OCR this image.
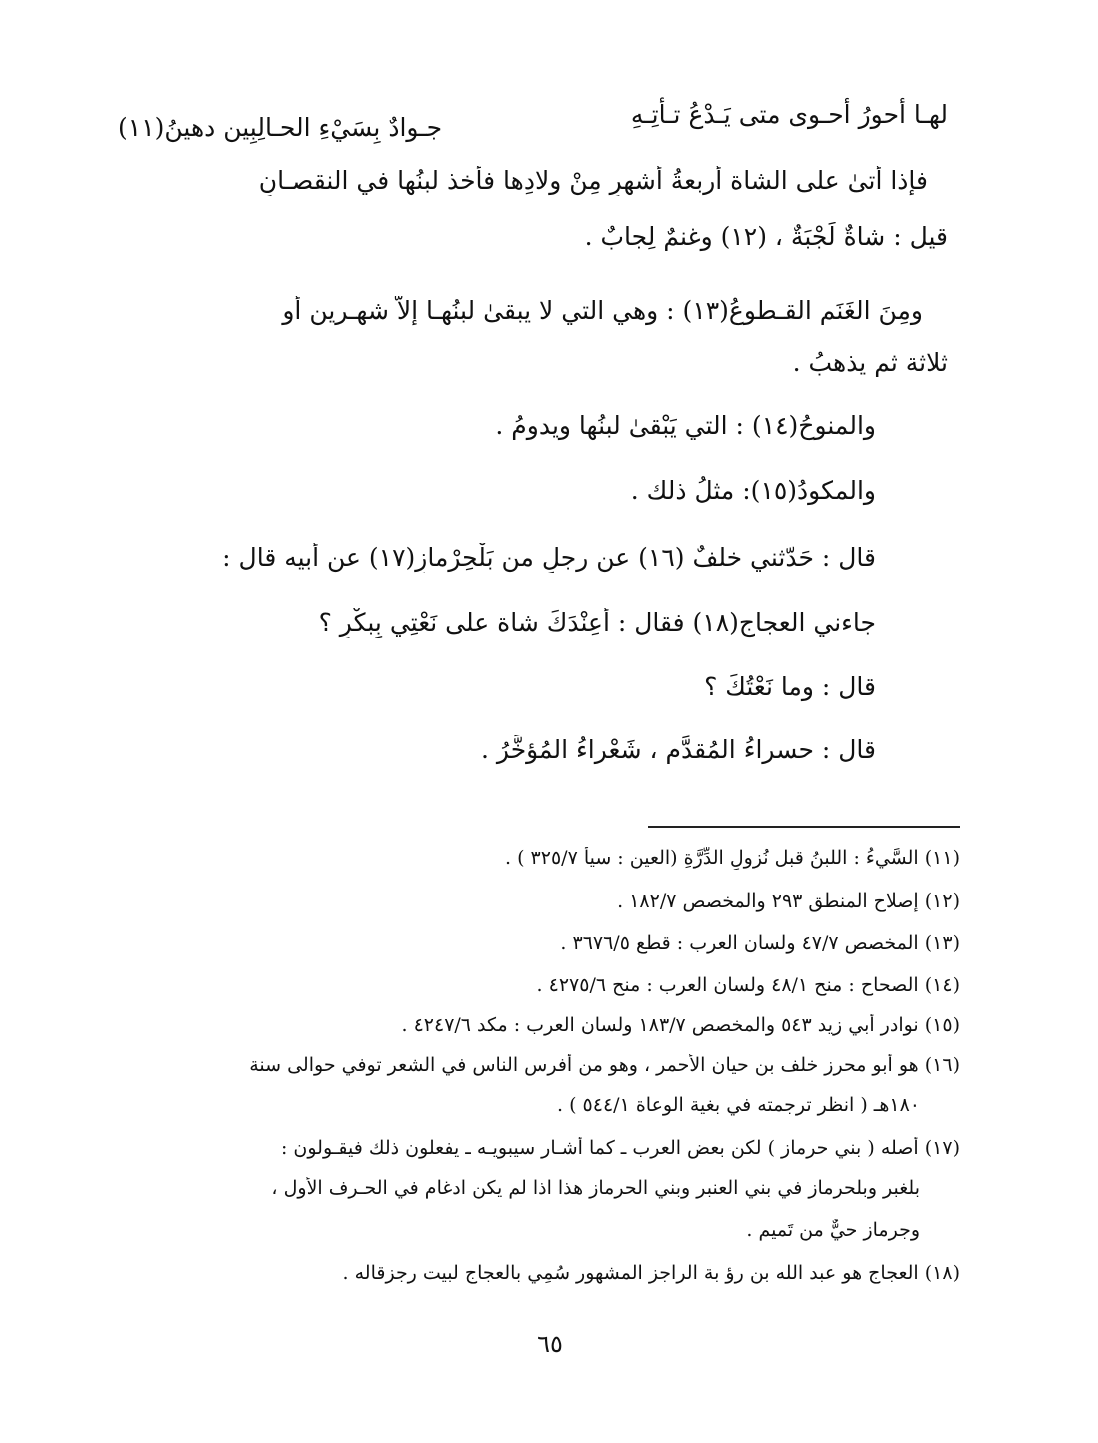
لهـا أحورُ أحـوى متى يَـدْعُ تـأتِـهِ
جـوادٌ بِسَيْءِ الحـالِبِين دهينُ(١١)
فإذا أتىٰ على الشاة أربعةُ أشهرٍ مِنْ ولادِها فأخذ لبنُها في النقصـانِ
قيل : شاةٌ لَجْبَةٌ ، (١٢) وغنمٌ لِجابٌ .
ومِنَ الغَنَمِ القـطوعُ(١٣) : وهي التي لا يبقىٰ لبنُهـا إلاّ شهـرين أو
ثلاثة ثم يذهبُ .
والمنوحُ(١٤) : التي يَبْقىٰ لبنُها ويدومُ .
والمكودُ(١٥): مثلُ ذلك .
قال : حَدّثني خلفٌ (١٦) عن رجلٍ من بَلْحِرْمازِ(١٧) عن أبيه قال :
جاءني العجاج(١٨) فقال : أَعِنْدَكَ شاة على نَعْتِي بِبكْرٍ ؟
قال : وما نَعْتُكَ ؟
قال : حسراءُ المُقدَّم ، شَعْراءُ المُؤخَّرُ .
(١١) السَّيءُ : اللبنُ قبل نُزولِ الدِّرَّةِ (العين : سيأ ٣٢٥/٧ ) .
(١٢) إصلاح المنطق ٢٩٣ والمخصص ١٨٢/٧ .
(١٣) المخصص ٤٧/٧ ولسان العرب : قطع ٣٦٧٦/٥ .
(١٤) الصحاح : منح ٤٨/١ ولسان العرب : منح ٤٢٧٥/٦ .
(١٥) نوادر أبي زيد ٥٤٣ والمخصص ١٨٣/٧ ولسان العرب : مكد ٤٢٤٧/٦ .
(١٦) هو أبو محرز خلف بن حيان الأحمر ، وهو من أفرس الناس في الشعر توفي حوالى سنة
١٨٠هـ ( انظر ترجمته في بغية الوعاة ٥٤٤/١ ) .
(١٧) أصله ( بني حرماز ) لكن بعض العرب ـ كما أشـار سيبويـه ـ يفعلون ذلك فيقـولون :
بلغبر وبلحرماز في بني العنبر وبني الحرماز هذا اذا لم يكن ادغام في الحـرف الأول ،
وجرماز حيٌّ من تَميم .
(١٨) العجاج هو عبد الله بن رؤ بة الراجز المشهور سُمِي بالعجاج لبيت رجزقاله .
٦٥
